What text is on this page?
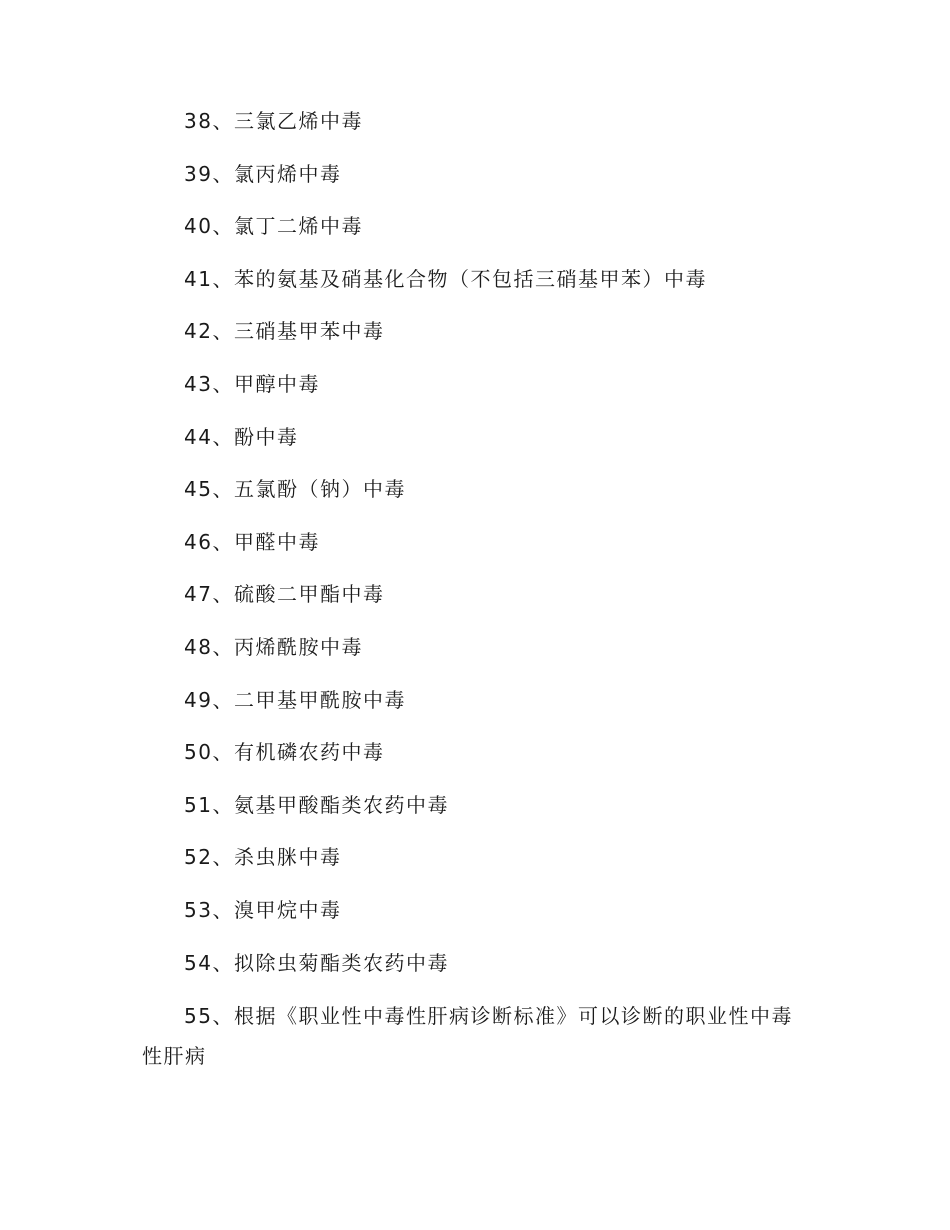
38、三氯乙烯中毒
39、氯丙烯中毒
40、氯丁二烯中毒
41、苯的氨基及硝基化合物（不包括三硝基甲苯）中毒
42、三硝基甲苯中毒
43、甲醇中毒
44、酚中毒
45、五氯酚（钠）中毒
46、甲醛中毒
47、硫酸二甲酯中毒
48、丙烯酰胺中毒
49、二甲基甲酰胺中毒
50、有机磷农药中毒
51、氨基甲酸酯类农药中毒
52、杀虫脒中毒
53、溴甲烷中毒
54、拟除虫菊酯类农药中毒
55、根据《职业性中毒性肝病诊断标准》可以诊断的职业性中毒性肝病
